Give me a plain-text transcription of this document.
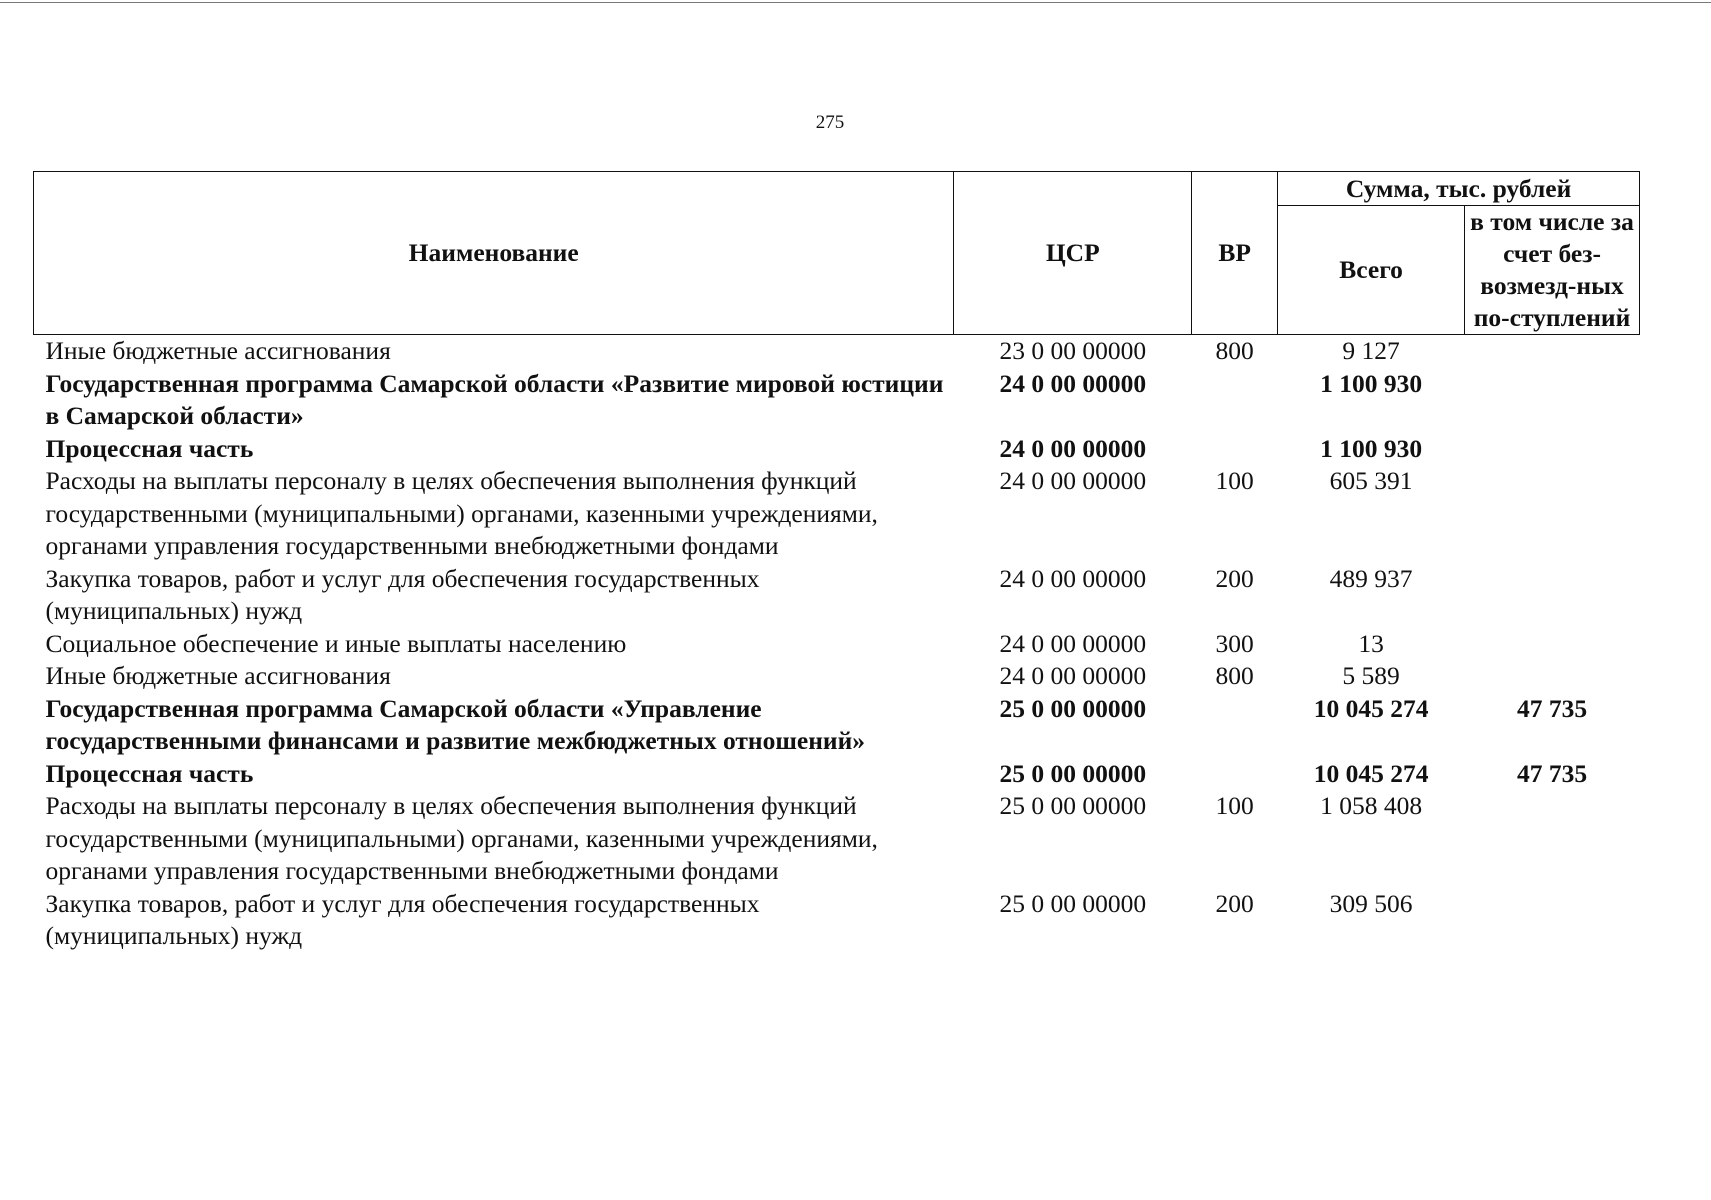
275
Наименование	ЦСР	ВР	Сумма, тыс. рублей	
			Всего	в том числе за счет без-возмезд-ных по-ступлений
Иные бюджетные ассигнования	23 0 00 00000	800	9 127	
Государственная программа Самарской области «Развитие мировой юстиции в Самарской области»	24 0 00 00000		1 100 930	
Процессная часть	24 0 00 00000		1 100 930	
Расходы на выплаты персоналу в целях обеспечения выполнения функций государственными (муниципальными) органами, казенными учреждениями, органами управления государственными внебюджетными фондами	24 0 00 00000	100	605 391	
Закупка товаров, работ и услуг для обеспечения государственных (муниципальных) нужд	24 0 00 00000	200	489 937	
Социальное обеспечение и иные выплаты населению	24 0 00 00000	300	13	
Иные бюджетные ассигнования	24 0 00 00000	800	5 589	
Государственная программа Самарской области «Управление государственными финансами и развитие межбюджетных отношений»	25 0 00 00000		10 045 274	47 735
Процессная часть	25 0 00 00000		10 045 274	47 735
Расходы на выплаты персоналу в целях обеспечения выполнения функций государственными (муниципальными) органами, казенными учреждениями, органами управления государственными внебюджетными фондами	25 0 00 00000	100	1 058 408	
Закупка товаров, работ и услуг для обеспечения государственных (муниципальных) нужд	25 0 00 00000	200	309 506	
